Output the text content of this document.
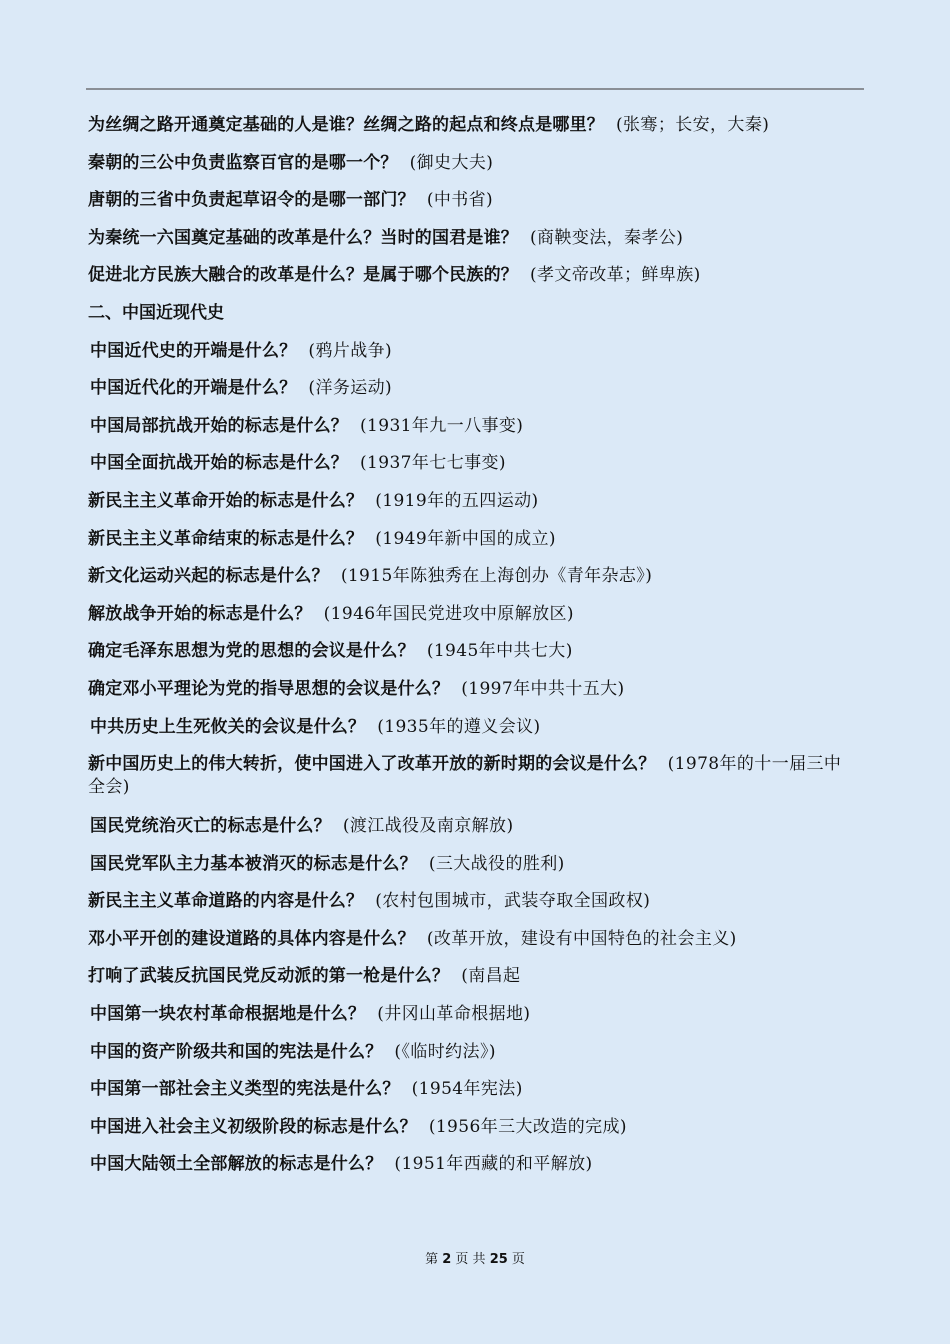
为丝绸之路开通奠定基础的人是谁？丝绸之路的起点和终点是哪里？ (张骞；长安，大秦)
秦朝的三公中负责监察百官的是哪一个？ (御史大夫)
唐朝的三省中负责起草诏令的是哪一部门？ (中书省)
为秦统一六国奠定基础的改革是什么？当时的国君是谁？ (商鞅变法，秦孝公)
促进北方民族大融合的改革是什么？是属于哪个民族的？ (孝文帝改革；鲜卑族)
二、中国近现代史
中国近代史的开端是什么？ (鸦片战争)
中国近代化的开端是什么？ (洋务运动)
中国局部抗战开始的标志是什么？ (1931年九一八事变)
中国全面抗战开始的标志是什么？ (1937年七七事变)
新民主主义革命开始的标志是什么？ (1919年的五四运动)
新民主主义革命结束的标志是什么？ (1949年新中国的成立)
新文化运动兴起的标志是什么？ (1915年陈独秀在上海创办《青年杂志》)
解放战争开始的标志是什么？ (1946年国民党进攻中原解放区)
确定毛泽东思想为党的思想的会议是什么？ (1945年中共七大)
确定邓小平理论为党的指导思想的会议是什么？ (1997年中共十五大)
中共历史上生死攸关的会议是什么？ (1935年的遵义会议)
新中国历史上的伟大转折，使中国进入了改革开放的新时期的会议是什么？ (1978年的十一届三中全会)
国民党统治灭亡的标志是什么？ (渡江战役及南京解放)
国民党军队主力基本被消灭的标志是什么？ (三大战役的胜利)
新民主主义革命道路的内容是什么？ (农村包围城市，武装夺取全国政权)
邓小平开创的建设道路的具体内容是什么？ (改革开放，建设有中国特色的社会主义)
打响了武装反抗国民党反动派的第一枪是什么？ (南昌起
中国第一块农村革命根据地是什么？ (井冈山革命根据地)
中国的资产阶级共和国的宪法是什么？ (《临时约法》)
中国第一部社会主义类型的宪法是什么？ (1954年宪法)
中国进入社会主义初级阶段的标志是什么？ (1956年三大改造的完成)
中国大陆领土全部解放的标志是什么？ (1951年西藏的和平解放)
第 2 页 共 25 页
